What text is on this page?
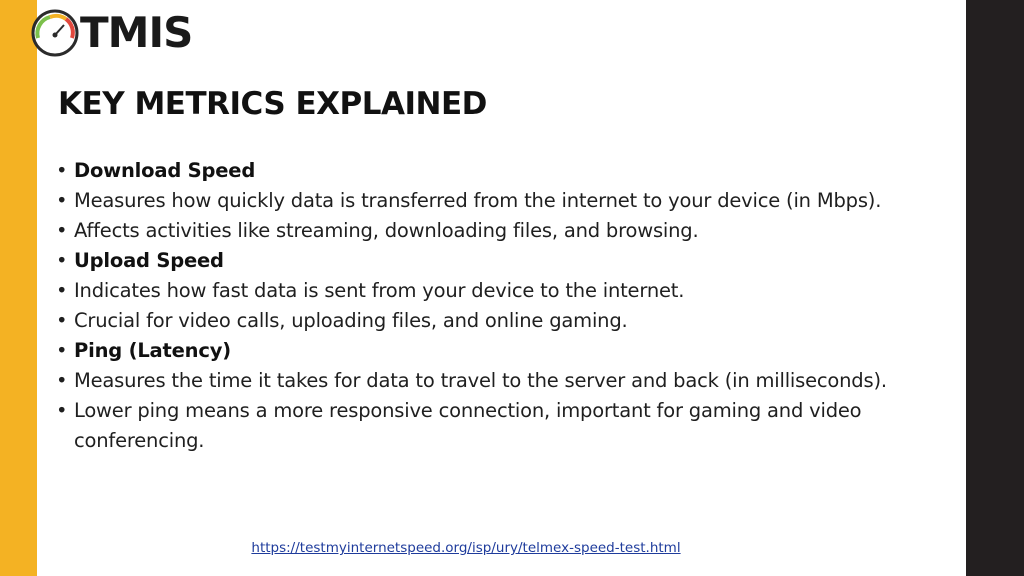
TMIS
KEY METRICS EXPLAINED
• Download Speed
• Measures how quickly data is transferred from the internet to your device (in Mbps).
• Affects activities like streaming, downloading files, and browsing.
• Upload Speed
• Indicates how fast data is sent from your device to the internet.
• Crucial for video calls, uploading files, and online gaming.
• Ping (Latency)
• Measures the time it takes for data to travel to the server and back (in milliseconds).
• Lower ping means a more responsive connection, important for gaming and video conferencing.
https://testmyinternetspeed.org/isp/ury/telmex-speed-test.html
